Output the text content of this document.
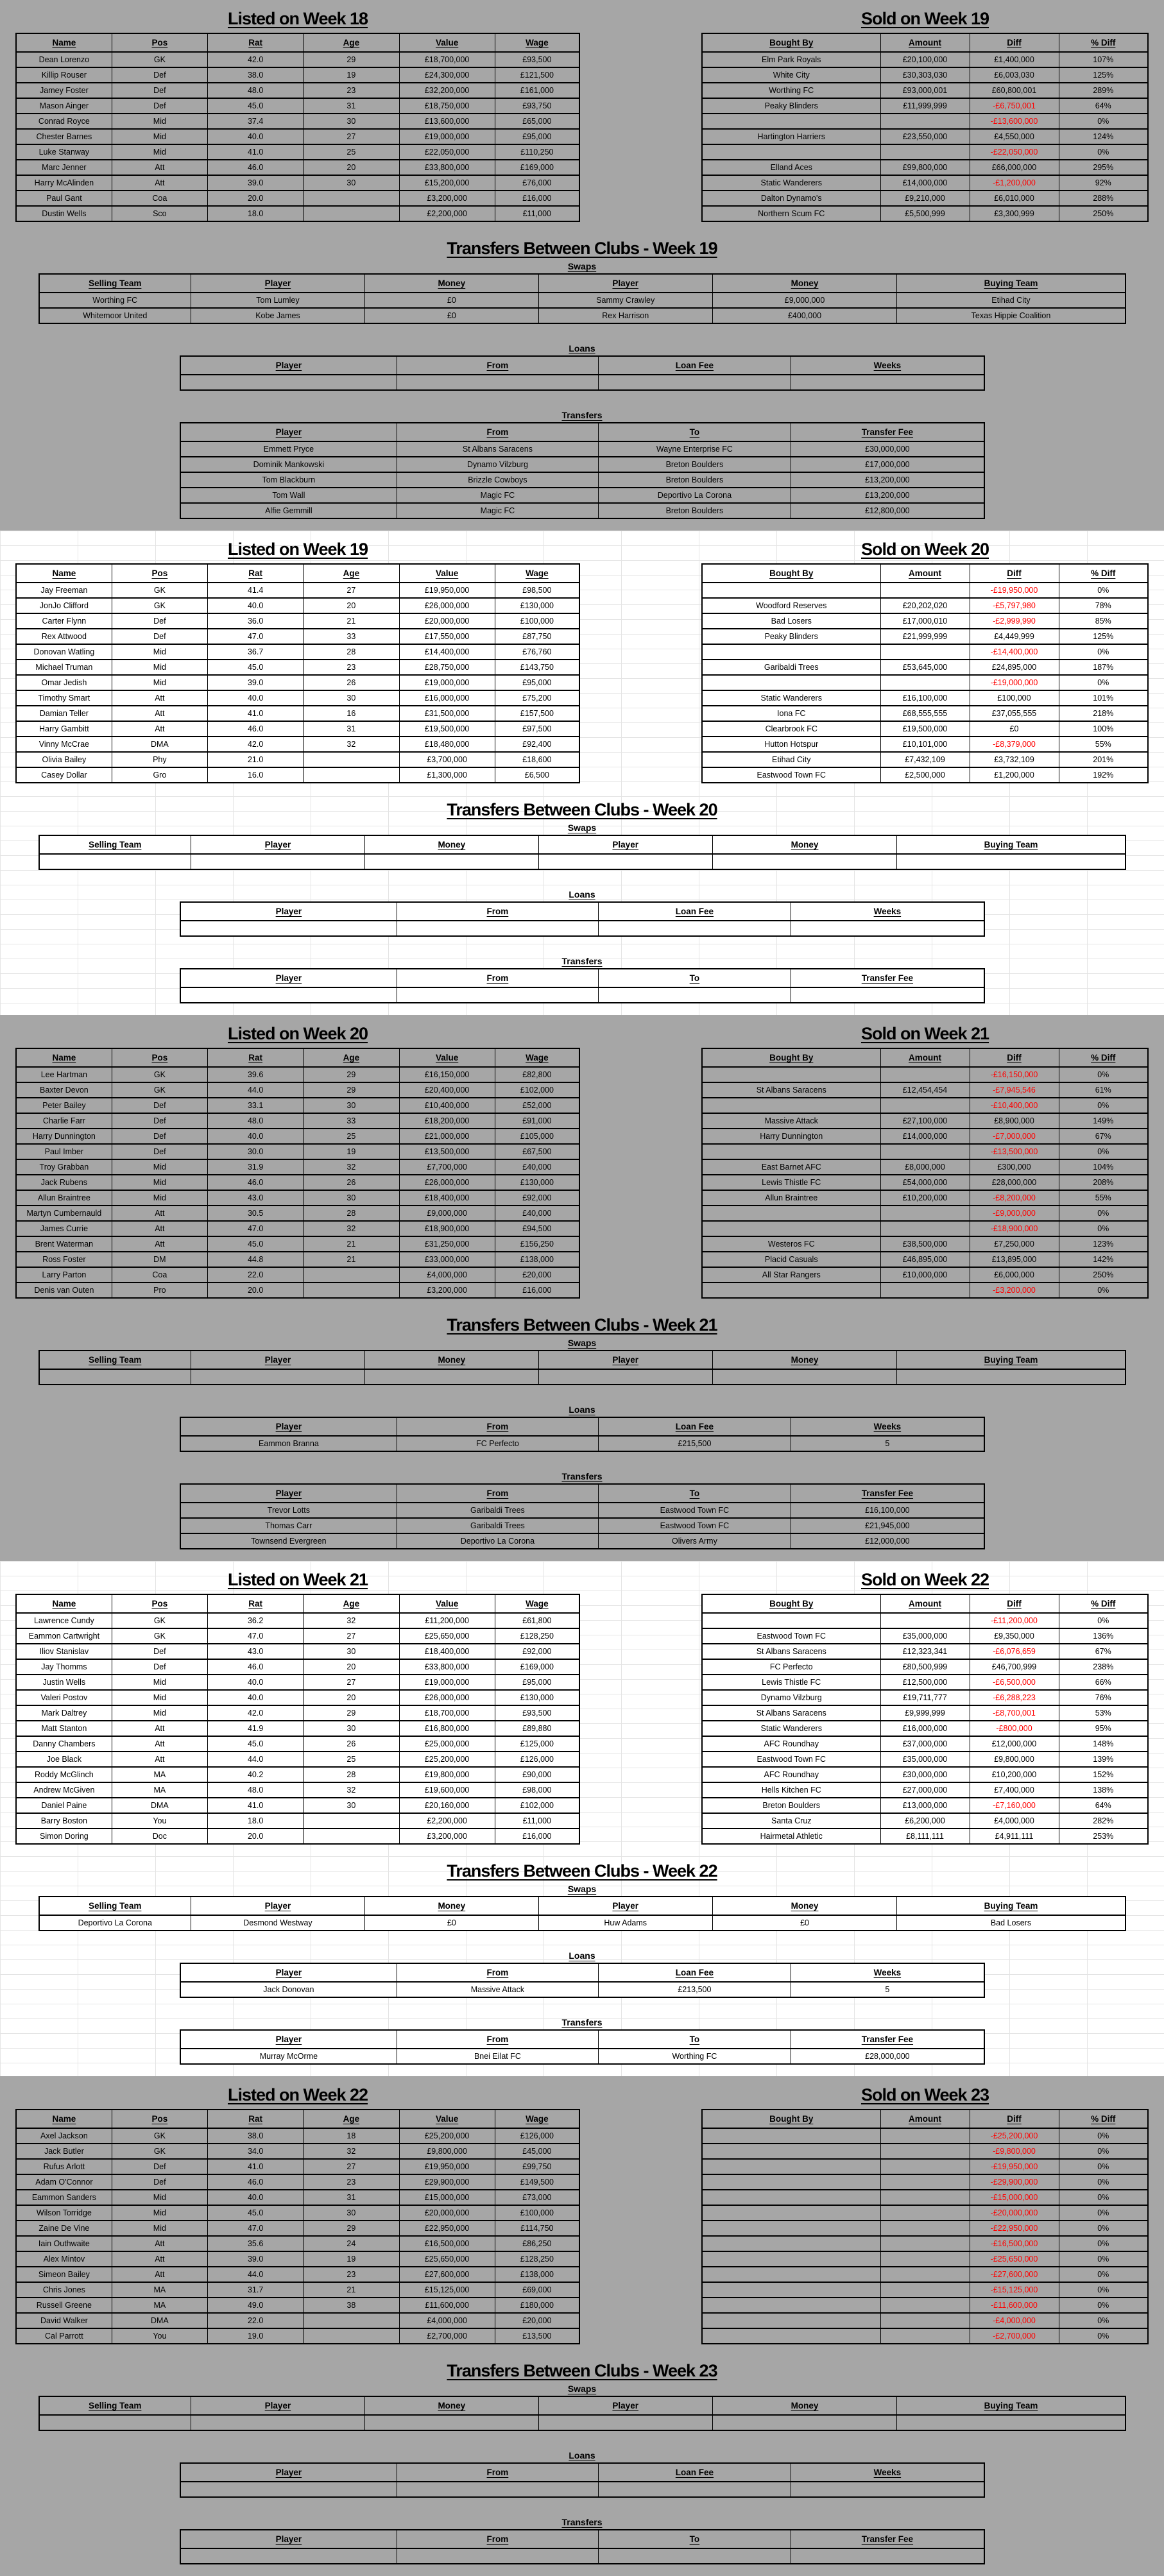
Listed on Week 18
Name	Pos	Rat	Age	Value	Wage
Dean Lorenzo	GK	42.0	29	£18,700,000	£93,500
Killip Rouser	Def	38.0	19	£24,300,000	£121,500
Jamey Foster	Def	48.0	23	£32,200,000	£161,000
Mason Ainger	Def	45.0	31	£18,750,000	£93,750
Conrad Royce	Mid	37.4	30	£13,600,000	£65,000
Chester Barnes	Mid	40.0	27	£19,000,000	£95,000
Luke Stanway	Mid	41.0	25	£22,050,000	£110,250
Marc Jenner	Att	46.0	20	£33,800,000	£169,000
Harry McAlinden	Att	39.0	30	£15,200,000	£76,000
Paul Gant	Coa	20.0		£3,200,000	£16,000
Dustin Wells	Sco	18.0		£2,200,000	£11,000
Sold on Week 19
Bought By	Amount	Diff	% Diff
Elm Park Royals	£20,100,000	£1,400,000	107%
White City	£30,303,030	£6,003,030	125%
Worthing FC	£93,000,001	£60,800,001	289%
Peaky Blinders	£11,999,999	-£6,750,001	64%
		-£13,600,000	0%
Hartington Harriers	£23,550,000	£4,550,000	124%
		-£22,050,000	0%
Elland Aces	£99,800,000	£66,000,000	295%
Static Wanderers	£14,000,000	-£1,200,000	92%
Dalton Dynamo's	£9,210,000	£6,010,000	288%
Northern Scum FC	£5,500,999	£3,300,999	250%
Transfers Between Clubs - Week 19
Swaps
Selling Team	Player	Money	Player	Money	Buying Team
Worthing FC	Tom Lumley	£0	Sammy Crawley	£9,000,000	Etihad City
Whitemoor United	Kobe James	£0	Rex Harrison	£400,000	Texas Hippie Coalition
Loans
Player	From	Loan Fee	Weeks

Transfers
Player	From	To	Transfer Fee
Emmett Pryce	St Albans Saracens	Wayne Enterprise FC	£30,000,000
Dominik Mankowski	Dynamo Vilzburg	Breton Boulders	£17,000,000
Tom Blackburn	Brizzle Cowboys	Breton Boulders	£13,200,000
Tom Wall	Magic FC	Deportivo La Corona	£13,200,000
Alfie Gemmill	Magic FC	Breton Boulders	£12,800,000
Listed on Week 19
Name	Pos	Rat	Age	Value	Wage
Jay Freeman	GK	41.4	27	£19,950,000	£98,500
JonJo Clifford	GK	40.0	20	£26,000,000	£130,000
Carter Flynn	Def	36.0	21	£20,000,000	£100,000
Rex Attwood	Def	47.0	33	£17,550,000	£87,750
Donovan Watling	Mid	36.7	28	£14,400,000	£76,760
Michael Truman	Mid	45.0	23	£28,750,000	£143,750
Omar Jedish	Mid	39.0	26	£19,000,000	£95,000
Timothy Smart	Att	40.0	30	£16,000,000	£75,200
Damian Teller	Att	41.0	16	£31,500,000	£157,500
Harry Gambitt	Att	46.0	31	£19,500,000	£97,500
Vinny McCrae	DMA	42.0	32	£18,480,000	£92,400
Olivia Bailey	Phy	21.0		£3,700,000	£18,600
Casey Dollar	Gro	16.0		£1,300,000	£6,500
Sold on Week 20
Bought By	Amount	Diff	% Diff
		-£19,950,000	0%
Woodford Reserves	£20,202,020	-£5,797,980	78%
Bad Losers	£17,000,010	-£2,999,990	85%
Peaky Blinders	£21,999,999	£4,449,999	125%
		-£14,400,000	0%
Garibaldi Trees	£53,645,000	£24,895,000	187%
		-£19,000,000	0%
Static Wanderers	£16,100,000	£100,000	101%
Iona FC	£68,555,555	£37,055,555	218%
Clearbrook FC	£19,500,000	£0	100%
Hutton Hotspur	£10,101,000	-£8,379,000	55%
Etihad City	£7,432,109	£3,732,109	201%
Eastwood Town FC	£2,500,000	£1,200,000	192%
Transfers Between Clubs - Week 20
Swaps
Selling Team	Player	Money	Player	Money	Buying Team

Loans
Player	From	Loan Fee	Weeks

Transfers
Player	From	To	Transfer Fee

Listed on Week 20
Name	Pos	Rat	Age	Value	Wage
Lee Hartman	GK	39.6	29	£16,150,000	£82,800
Baxter Devon	GK	44.0	29	£20,400,000	£102,000
Peter Bailey	Def	33.1	30	£10,400,000	£52,000
Charlie Farr	Def	48.0	33	£18,200,000	£91,000
Harry Dunnington	Def	40.0	25	£21,000,000	£105,000
Paul Imber	Def	30.0	19	£13,500,000	£67,500
Troy Grabban	Mid	31.9	32	£7,700,000	£40,000
Jack Rubens	Mid	46.0	26	£26,000,000	£130,000
Allun Braintree	Mid	43.0	30	£18,400,000	£92,000
Martyn Cumbernauld	Att	30.5	28	£9,000,000	£40,000
James Currie	Att	47.0	32	£18,900,000	£94,500
Brent Waterman	Att	45.0	21	£31,250,000	£156,250
Ross Foster	DM	44.8	21	£33,000,000	£138,000
Larry Parton	Coa	22.0		£4,000,000	£20,000
Denis van Outen	Pro	20.0		£3,200,000	£16,000
Sold on Week 21
Bought By	Amount	Diff	% Diff
		-£16,150,000	0%
St Albans Saracens	£12,454,454	-£7,945,546	61%
		-£10,400,000	0%
Massive Attack	£27,100,000	£8,900,000	149%
Harry Dunnington	£14,000,000	-£7,000,000	67%
		-£13,500,000	0%
East Barnet AFC	£8,000,000	£300,000	104%
Lewis Thistle FC	£54,000,000	£28,000,000	208%
Allun Braintree	£10,200,000	-£8,200,000	55%
		-£9,000,000	0%
		-£18,900,000	0%
Westeros FC	£38,500,000	£7,250,000	123%
Placid Casuals	£46,895,000	£13,895,000	142%
All Star Rangers	£10,000,000	£6,000,000	250%
		-£3,200,000	0%
Transfers Between Clubs - Week 21
Swaps
Selling Team	Player	Money	Player	Money	Buying Team

Loans
Player	From	Loan Fee	Weeks
Eammon Branna	FC Perfecto	£215,500	5
Transfers
Player	From	To	Transfer Fee
Trevor Lotts	Garibaldi Trees	Eastwood Town FC	£16,100,000
Thomas Carr	Garibaldi Trees	Eastwood Town FC	£21,945,000
Townsend Evergreen	Deportivo La Corona	Olivers Army	£12,000,000
Listed on Week 21
Name	Pos	Rat	Age	Value	Wage
Lawrence Cundy	GK	36.2	32	£11,200,000	£61,800
Eammon Cartwright	GK	47.0	27	£25,650,000	£128,250
Iliov Stanislav	Def	43.0	30	£18,400,000	£92,000
Jay Thomms	Def	46.0	20	£33,800,000	£169,000
Justin Wells	Mid	40.0	27	£19,000,000	£95,000
Valeri Postov	Mid	40.0	20	£26,000,000	£130,000
Mark Daltrey	Mid	42.0	29	£18,700,000	£93,500
Matt Stanton	Att	41.9	30	£16,800,000	£89,880
Danny Chambers	Att	45.0	26	£25,000,000	£125,000
Joe Black	Att	44.0	25	£25,200,000	£126,000
Roddy McGlinch	MA	40.2	28	£19,800,000	£90,000
Andrew McGiven	MA	48.0	32	£19,600,000	£98,000
Daniel Paine	DMA	41.0	30	£20,160,000	£102,000
Barry Boston	You	18.0		£2,200,000	£11,000
Simon Doring	Doc	20.0		£3,200,000	£16,000
Sold on Week 22
Bought By	Amount	Diff	% Diff
		-£11,200,000	0%
Eastwood Town FC	£35,000,000	£9,350,000	136%
St Albans Saracens	£12,323,341	-£6,076,659	67%
FC Perfecto	£80,500,999	£46,700,999	238%
Lewis Thistle FC	£12,500,000	-£6,500,000	66%
Dynamo Vilzburg	£19,711,777	-£6,288,223	76%
St Albans Saracens	£9,999,999	-£8,700,001	53%
Static Wanderers	£16,000,000	-£800,000	95%
AFC Roundhay	£37,000,000	£12,000,000	148%
Eastwood Town FC	£35,000,000	£9,800,000	139%
AFC Roundhay	£30,000,000	£10,200,000	152%
Hells Kitchen FC	£27,000,000	£7,400,000	138%
Breton Boulders	£13,000,000	-£7,160,000	64%
Santa Cruz	£6,200,000	£4,000,000	282%
Hairmetal Athletic	£8,111,111	£4,911,111	253%
Transfers Between Clubs - Week 22
Swaps
Selling Team	Player	Money	Player	Money	Buying Team
Deportivo La Corona	Desmond Westway	£0	Huw Adams	£0	Bad Losers
Loans
Player	From	Loan Fee	Weeks
Jack Donovan	Massive Attack	£213,500	5
Transfers
Player	From	To	Transfer Fee
Murray McOrme	Bnei Eilat FC	Worthing FC	£28,000,000
Listed on Week 22
Name	Pos	Rat	Age	Value	Wage
Axel Jackson	GK	38.0	18	£25,200,000	£126,000
Jack Butler	GK	34.0	32	£9,800,000	£45,000
Rufus Arlott	Def	41.0	27	£19,950,000	£99,750
Adam O'Connor	Def	46.0	23	£29,900,000	£149,500
Eammon Sanders	Mid	40.0	31	£15,000,000	£73,000
Wilson Torridge	Mid	45.0	30	£20,000,000	£100,000
Zaine De Vine	Mid	47.0	29	£22,950,000	£114,750
Iain Outhwaite	Att	35.6	24	£16,500,000	£86,250
Alex Mintov	Att	39.0	19	£25,650,000	£128,250
Simeon Bailey	Att	44.0	23	£27,600,000	£138,000
Chris Jones	MA	31.7	21	£15,125,000	£69,000
Russell Greene	MA	49.0	38	£11,600,000	£180,000
David Walker	DMA	22.0		£4,000,000	£20,000
Cal Parrott	You	19.0		£2,700,000	£13,500
Sold on Week 23
Bought By	Amount	Diff	% Diff
		-£25,200,000	0%
		-£9,800,000	0%
		-£19,950,000	0%
		-£29,900,000	0%
		-£15,000,000	0%
		-£20,000,000	0%
		-£22,950,000	0%
		-£16,500,000	0%
		-£25,650,000	0%
		-£27,600,000	0%
		-£15,125,000	0%
		-£11,600,000	0%
		-£4,000,000	0%
		-£2,700,000	0%
Transfers Between Clubs - Week 23
Swaps
Selling Team	Player	Money	Player	Money	Buying Team

Loans
Player	From	Loan Fee	Weeks

Transfers
Player	From	To	Transfer Fee
